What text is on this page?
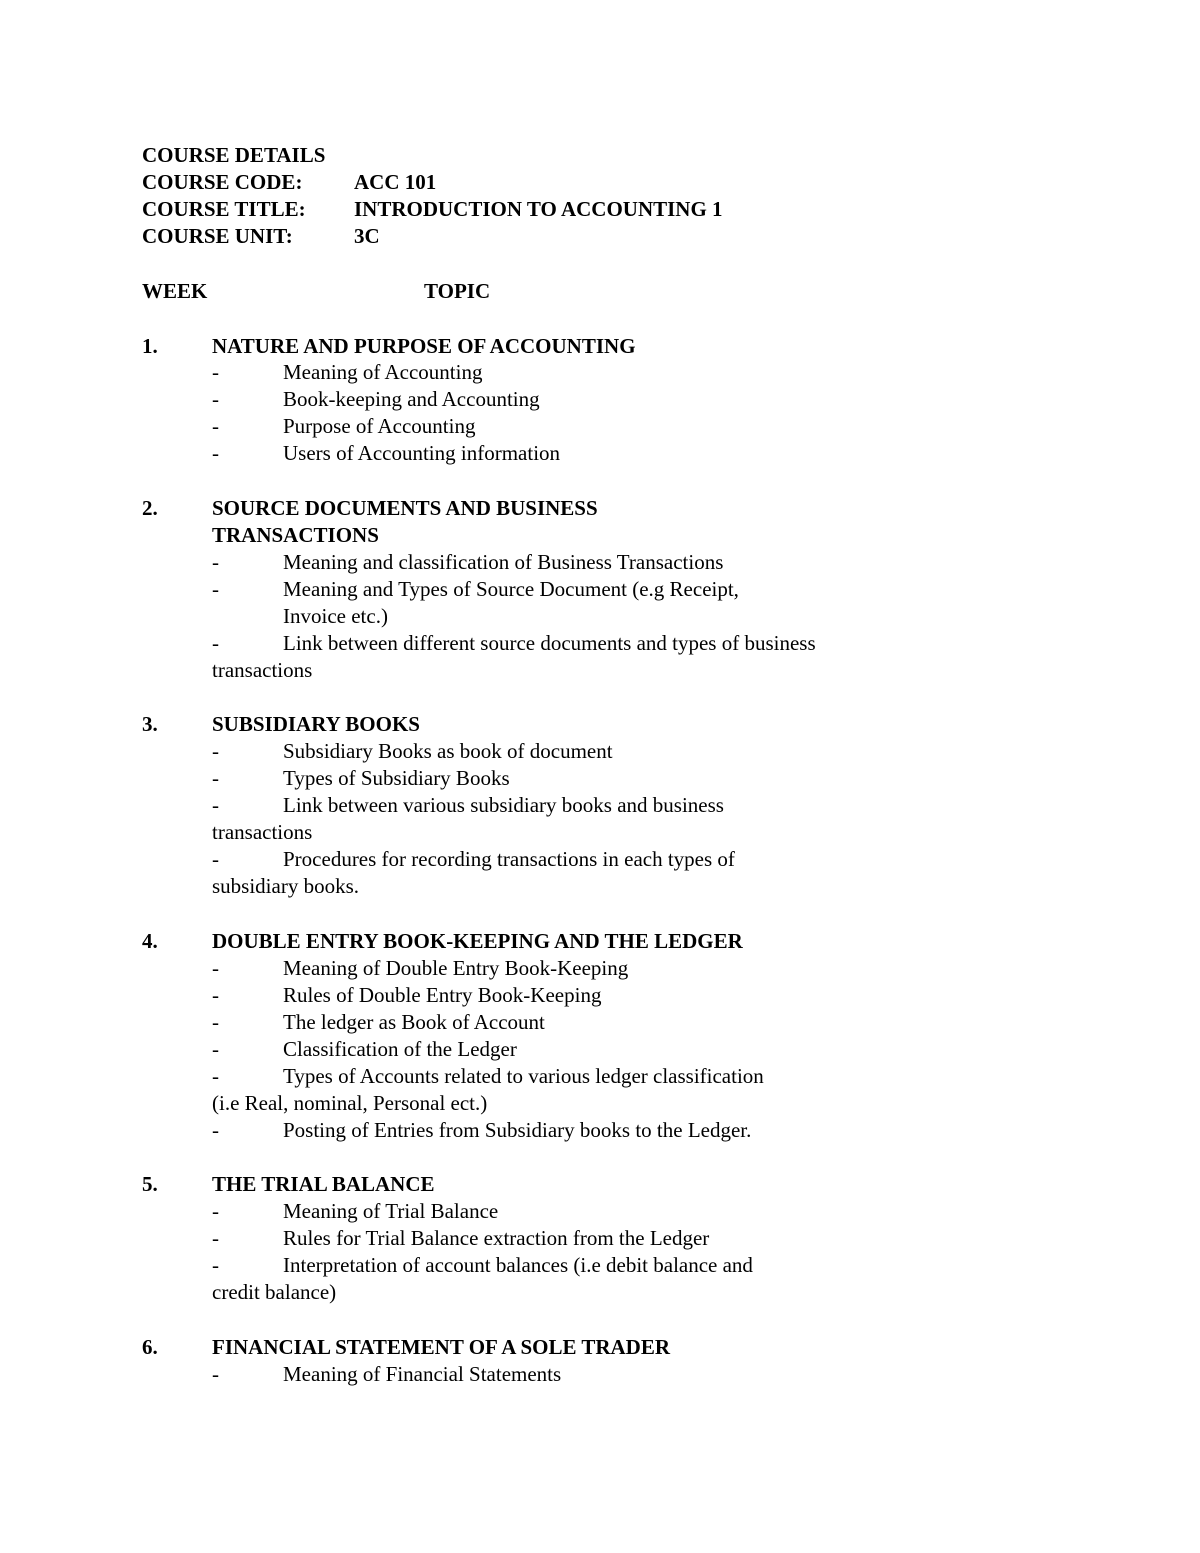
COURSE DETAILS
COURSE CODE: ACC 101
COURSE TITLE: INTRODUCTION TO ACCOUNTING 1
COURSE UNIT:	3C
WEEK	TOPIC
1.	NATURE AND PURPOSE OF ACCOUNTING
-	Meaning of Accounting
-	Book-keeping and Accounting
-	Purpose of Accounting
-	Users of Accounting information
2.	SOURCE DOCUMENTS AND BUSINESS
TRANSACTIONS
-	Meaning and classification of Business Transactions
-	Meaning and Types of Source Document (e.g Receipt,
Invoice etc.)
-	Link between different source documents and types of business
transactions
3.	SUBSIDIARY BOOKS
-	Subsidiary Books as book of document
-	Types of Subsidiary Books
-	Link between various subsidiary books and business
transactions
-	Procedures for recording transactions in each types of
subsidiary books.
4.	DOUBLE ENTRY BOOK-KEEPING AND THE LEDGER
-	Meaning of Double Entry Book-Keeping
-	Rules of Double Entry Book-Keeping
-	The ledger as Book of Account
-	Classification of the Ledger
-	Types of Accounts related to various ledger classification
(i.e Real, nominal, Personal ect.)
-	Posting of Entries from Subsidiary books to the Ledger.
5.	THE TRIAL BALANCE
-	Meaning of Trial Balance
-	Rules for Trial Balance extraction from the Ledger
-	Interpretation of account balances (i.e debit balance and
credit balance)
6.	FINANCIAL STATEMENT OF A SOLE TRADER
-	Meaning of Financial Statements
